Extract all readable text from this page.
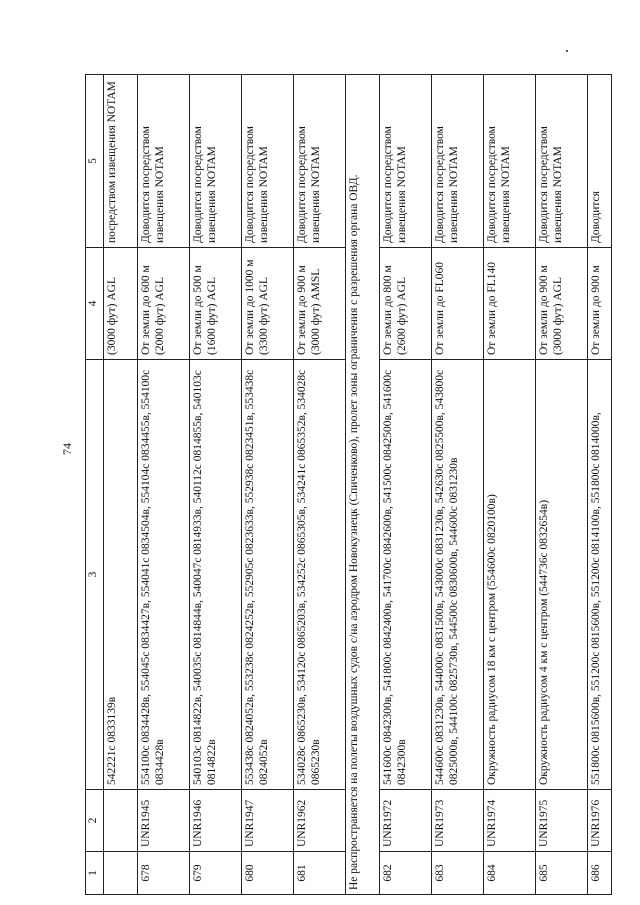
74
1	2	3	4	5
		542221с 0833139в	(3000 фут) AGL	посредством извещения NOTAM
678	UNR1945	554100с 0834428в, 554045с 0834427в, 554041с 0834504в, 554104с 0834455в, 554100с 0834428в	От земли до 600 м (2000 фут) AGL	Доводится посредством извещения NOTAM
679	UNR1946	540103с 0814822в, 540035с 0814844в, 540047с 0814933в, 540112с 0814855в, 540103с 0814822в	От земли до 500 м (1600 фут) AGL	Доводится посредством извещения NOTAM
680	UNR1947	553438с 0824052в, 553238с 0824252в, 552905с 0823633в, 552938с 0823451в, 553438с 0824052в	От земли до 1000 м (3300 фут) AGL	Доводится посредством извещения NOTAM
681	UNR1962	534028с 0865230в, 534120с 0865203в, 534252с 0865305в, 534241с 0865352в, 534028с 0865230в	От земли до 900 м (3000 фут) AMSL	Доводится посредством извещения NOTAM
Не распространяется на полеты воздушных судов с/на аэродром Новокузнецк (Спиченково), пролет зоны ограничения с разрешения органа ОВД.				
682	UNR1972	541600с 0842300в, 541800с 0842400в, 541700с 0842600в, 541500с 0842500в, 541600с 0842300в	От земли до 800 м (2600 фут) AGL	Доводится посредством извещения NOTAM
683	UNR1973	544600с 0831230в, 544000с 0831500в, 543000с 0831230в, 542630с 0825500в, 543800с 0825000в, 544100с 0825730в, 544500с 0830600в, 544600с 0831230в	От земли до FL060	Доводится посредством извещения NOTAM
684	UNR1974	Окружность радиусом 18 км с центром (554600с 0820100в)	От земли до FL140	Доводится посредством извещения NOTAM
685	UNR1975	Окружность радиусом 4 км с центром (544736с 0832654в)	От земли до 900 м (3000 фут) AGL	Доводится посредством извещения NOTAM
686	UNR1976	551800с 0815600в, 551200с 0815600в, 551200с 0814100в, 551800с 0814000в,	От земли до 900 м	Доводится
